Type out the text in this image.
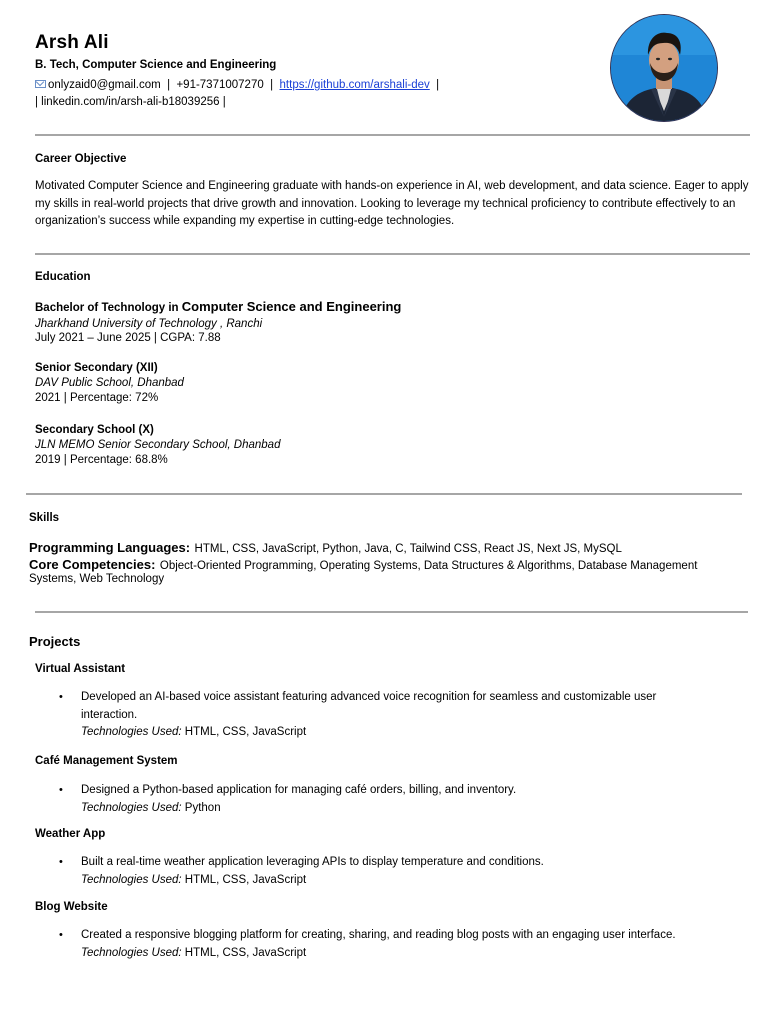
Arsh Ali
B. Tech, Computer Science and Engineering
onlyzaid0@gmail.com | +91-7371007270 | https://github.com/arshali-dev |
| linkedin.com/in/arsh-ali-b18039256 |
Career Objective
Motivated Computer Science and Engineering graduate with hands-on experience in AI, web development, and data science. Eager to apply
my skills in real-world projects that drive growth and innovation. Looking to leverage my technical proficiency to contribute effectively to an
organization’s success while expanding my expertise in cutting-edge technologies.
Education
Bachelor of Technology in Computer Science and Engineering
Jharkhand University of Technology , Ranchi
July 2021 – June 2025 | CGPA: 7.88
Senior Secondary (XII)
DAV Public School, Dhanbad
2021 | Percentage: 72%
Secondary School (X)
JLN MEMO Senior Secondary School, Dhanbad
2019 | Percentage: 68.8%
Skills
Programming Languages: HTML, CSS, JavaScript, Python, Java, C, Tailwind CSS, React JS, Next JS, MySQL
Core Competencies: Object-Oriented Programming, Operating Systems, Data Structures & Algorithms, Database Management
Systems, Web Technology
Projects
Virtual Assistant
• Developed an AI-based voice assistant featuring advanced voice recognition for seamless and customizable user
interaction.
Technologies Used: HTML, CSS, JavaScript
Café Management System
• Designed a Python-based application for managing café orders, billing, and inventory.
Technologies Used: Python
Weather App
• Built a real-time weather application leveraging APIs to display temperature and conditions.
Technologies Used: HTML, CSS, JavaScript
Blog Website
• Created a responsive blogging platform for creating, sharing, and reading blog posts with an engaging user interface.
Technologies Used: HTML, CSS, JavaScript
